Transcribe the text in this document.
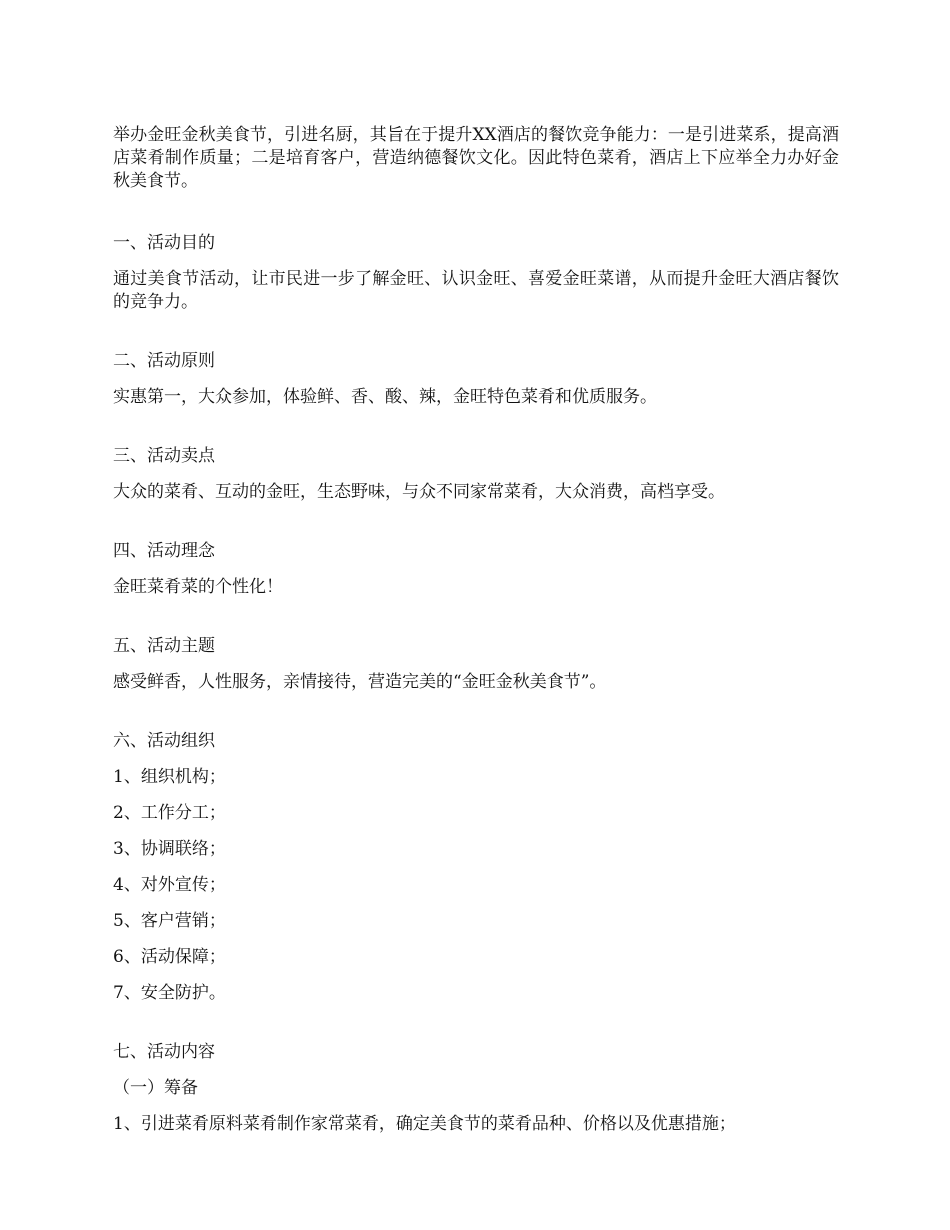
举办金旺金秋美食节，引进名厨，其旨在于提升XX酒店的餐饮竞争能力：一是引进菜系，提高酒店菜肴制作质量；二是培育客户，营造纳德餐饮文化。因此特色菜肴，酒店上下应举全力办好金秋美食节。

一、活动目的

通过美食节活动，让市民进一步了解金旺、认识金旺、喜爱金旺菜谱，从而提升金旺大酒店餐饮的竞争力。

二、活动原则

实惠第一，大众参加，体验鲜、香、酸、辣，金旺特色菜肴和优质服务。

三、活动卖点

大众的菜肴、互动的金旺，生态野味，与众不同家常菜肴，大众消费，高档享受。

四、活动理念

金旺菜肴菜的个性化！

五、活动主题

感受鲜香，人性服务，亲情接待，营造完美的“金旺金秋美食节”。

六、活动组织

1、组织机构；

2、工作分工；

3、协调联络；

4、对外宣传；

5、客户营销；

6、活动保障；

7、安全防护。

七、活动内容

（一）筹备

1、引进菜肴原料菜肴制作家常菜肴，确定美食节的菜肴品种、价格以及优惠措施；
